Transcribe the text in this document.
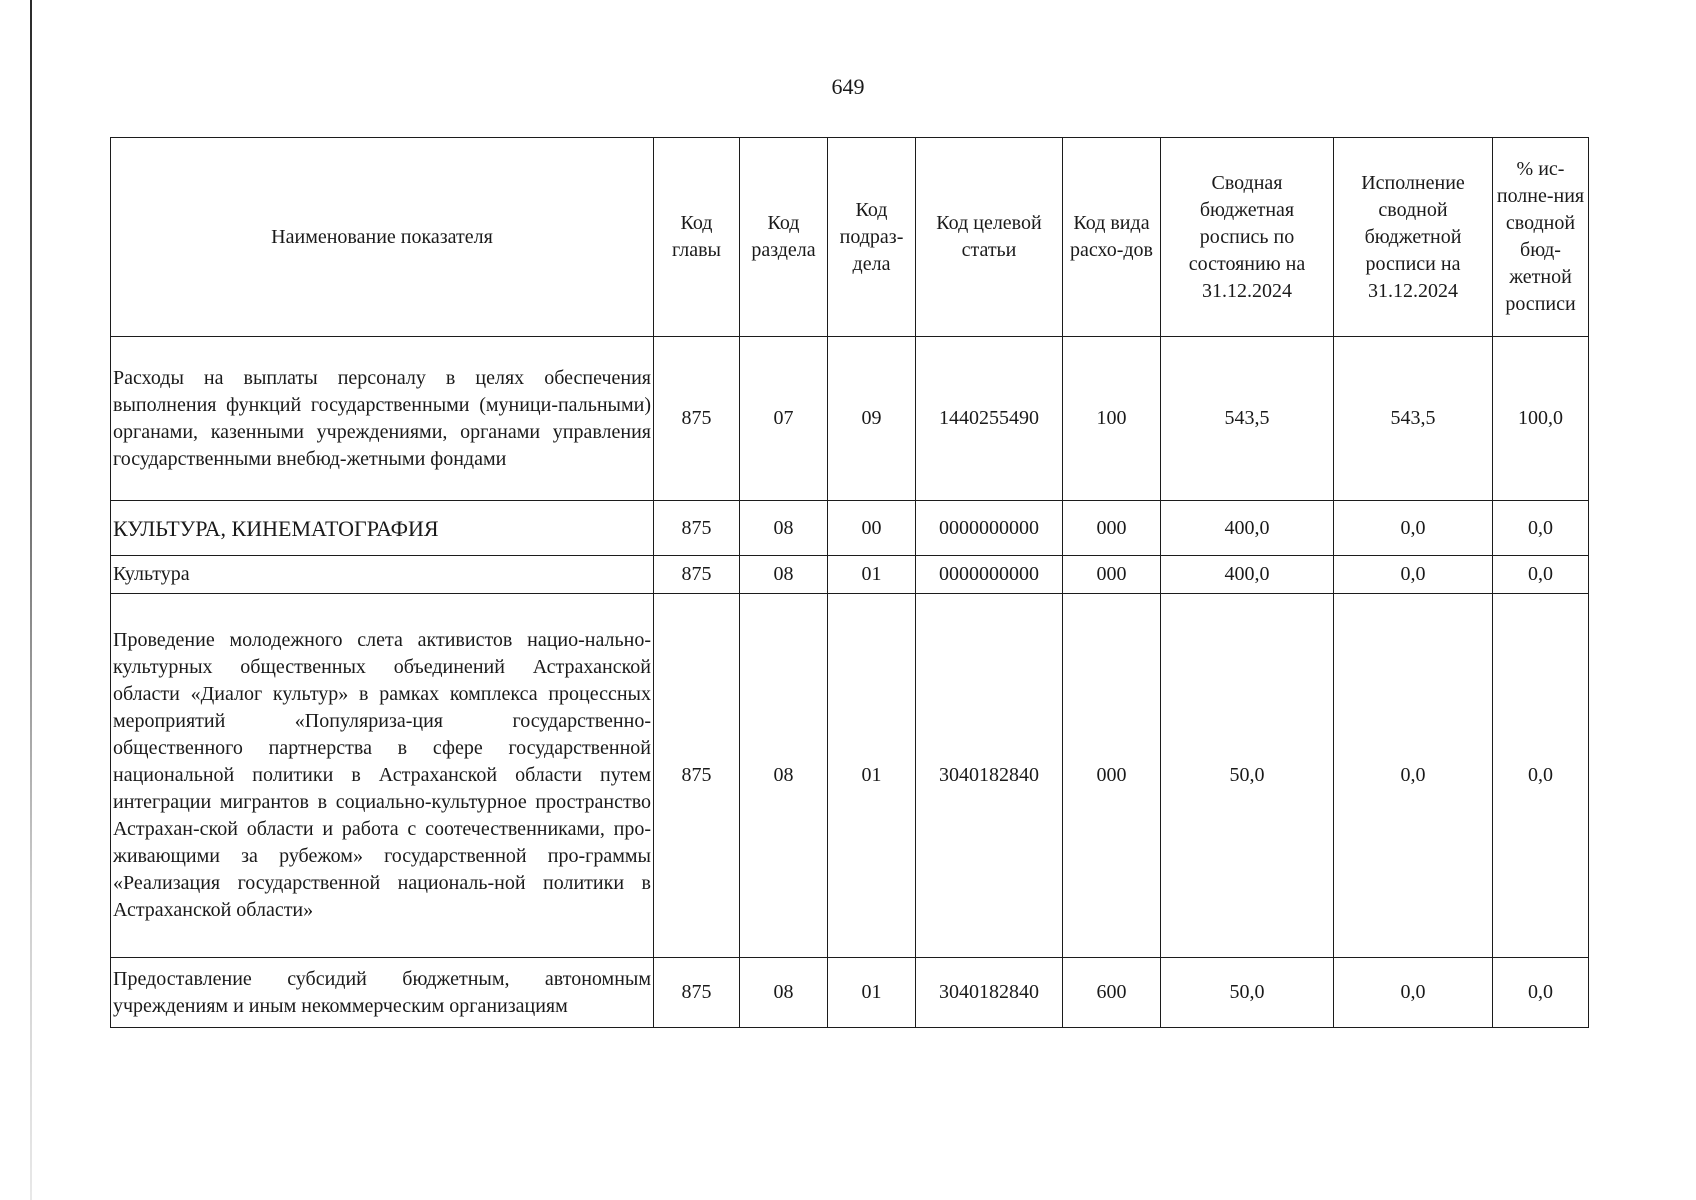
649
Наименование показателя	Код главы	Код раздела	Код подраз-дела	Код целевой статьи	Код вида расхо-дов	Сводная бюджетная роспись по состоянию на 31.12.2024	Исполнение сводной бюджетной росписи на 31.12.2024	% ис-полне-ния сводной бюд-жетной росписи
Расходы на выплаты персоналу в целях обеспечения выполнения функций государственными (муници-пальными) органами, казенными учреждениями, органами управления государственными внебюд-жетными фондами	875	07	09	1440255490	100	543,5	543,5	100,0
КУЛЬТУРА, КИНЕМАТОГРАФИЯ	875	08	00	0000000000	000	400,0	0,0	0,0
Культура	875	08	01	0000000000	000	400,0	0,0	0,0
Проведение молодежного слета активистов нацио-нально-культурных общественных объединений Астраханской области «Диалог культур» в рамках комплекса процессных мероприятий «Популяриза-ция государственно-общественного партнерства в сфере государственной национальной политики в Астраханской области путем интеграции мигрантов в социально-культурное пространство Астрахан-ской области и работа с соотечественниками, про-живающими за рубежом» государственной про-граммы «Реализация государственной националь-ной политики в Астраханской области»	875	08	01	3040182840	000	50,0	0,0	0,0
Предоставление субсидий бюджетным, автономным учреждениям и иным некоммерческим организациям	875	08	01	3040182840	600	50,0	0,0	0,0
